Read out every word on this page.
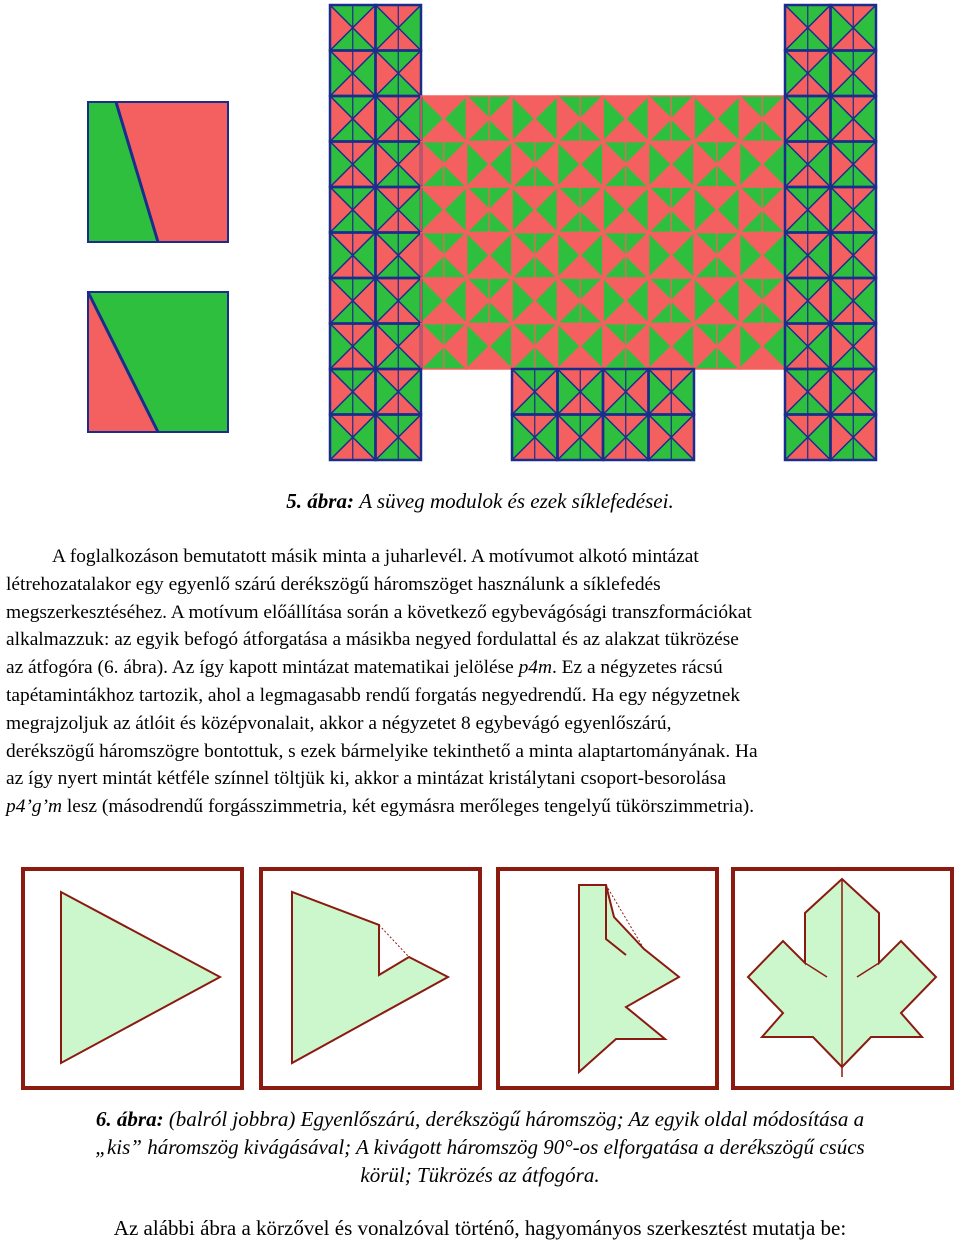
5. ábra: A süveg modulok és ezek síklefedései.

A foglalkozáson bemutatott másik minta a juharlevél. A motívumot alkotó mintázat

létrehozatalakor egy egyenlő szárú derékszögű háromszöget használunk a síklefedés

megszerkesztéséhez. A motívum előállítása során a következő egybevágósági transzformációkat

alkalmazzuk: az egyik befogó átforgatása a másikba negyed fordulattal és az alakzat tükrözése

az átfogóra (6. ábra). Az így kapott mintázat matematikai jelölése p4m. Ez a négyzetes rácsú

tapétamintákhoz tartozik, ahol a legmagasabb rendű forgatás negyedrendű. Ha egy négyzetnek

megrajzoljuk az átlóit és középvonalait, akkor a négyzetet 8 egybevágó egyenlőszárú,

derékszögű háromszögre bontottuk, s ezek bármelyike tekinthető a minta alaptartományának. Ha

az így nyert mintát kétféle színnel töltjük ki, akkor a mintázat kristálytani csoport-besorolása

p4’g’m lesz (másodrendű forgásszimmetria, két egymásra merőleges tengelyű tükörszimmetria).

6. ábra: (balról jobbra) Egyenlőszárú, derékszögű háromszög; Az egyik oldal módosítása a
„kis” háromszög kivágásával; A kivágott háromszög 90°-os elforgatása a derékszögű csúcs
körül; Tükrözés az átfogóra.
Az alábbi ábra a körzővel és vonalzóval történő, hagyományos szerkesztést mutatja be:
